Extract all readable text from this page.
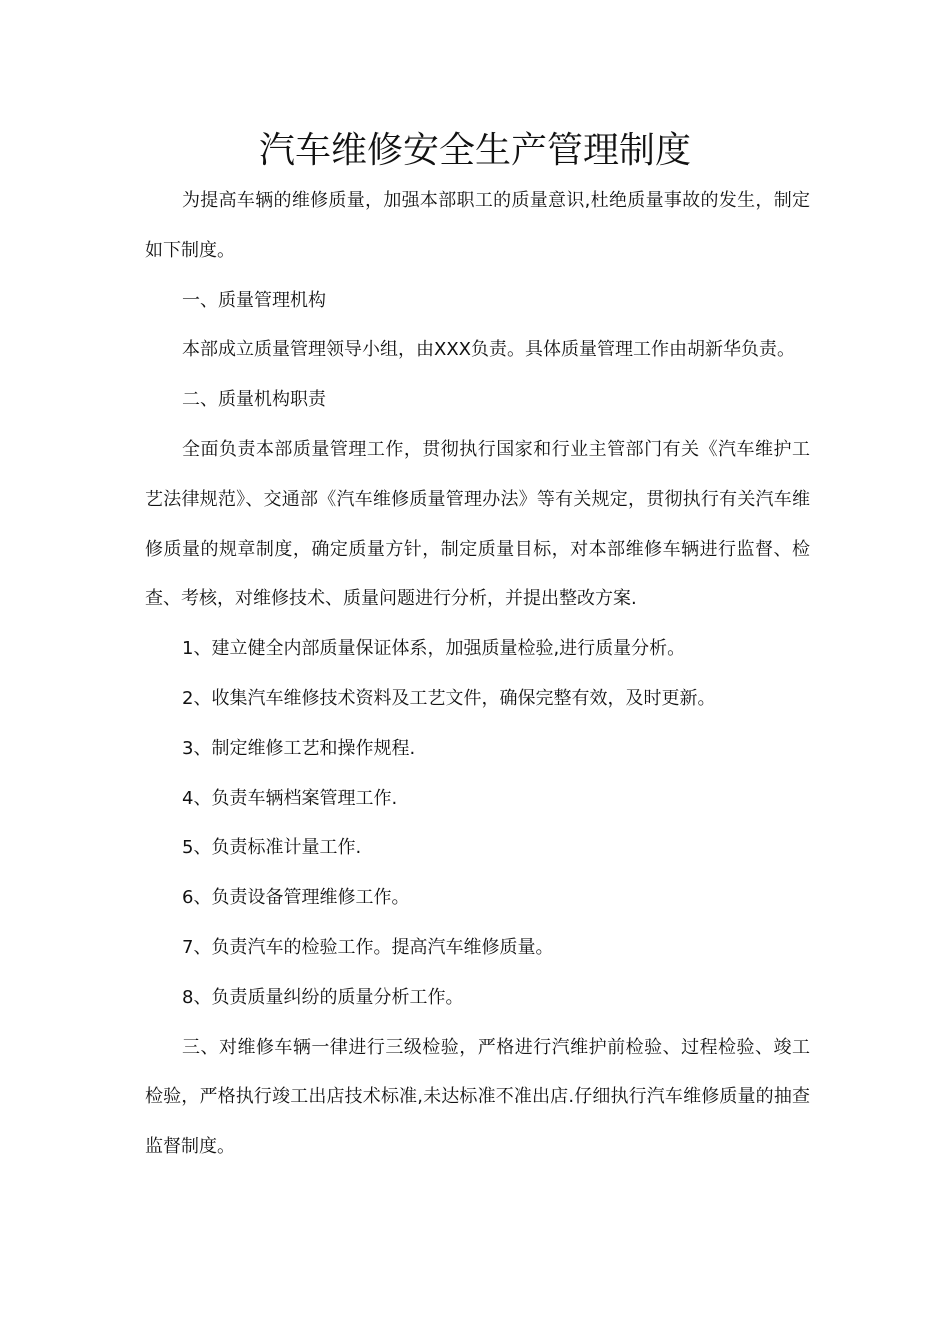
汽车维修安全生产管理制度

为提高车辆的维修质量，加强本部职工的质量意识,杜绝质量事故的发生，制定如下制度。

一、质量管理机构

本部成立质量管理领导小组，由XXX负责。具体质量管理工作由胡新华负责。

二、质量机构职责

全面负责本部质量管理工作，贯彻执行国家和行业主管部门有关《汽车维护工艺法律规范》、交通部《汽车维修质量管理办法》等有关规定，贯彻执行有关汽车维修质量的规章制度，确定质量方针，制定质量目标，对本部维修车辆进行监督、检查、考核，对维修技术、质量问题进行分析，并提出整改方案.

1、建立健全内部质量保证体系，加强质量检验,进行质量分析。

2、收集汽车维修技术资料及工艺文件，确保完整有效，及时更新。

3、制定维修工艺和操作规程.

4、负责车辆档案管理工作.

5、负责标准计量工作.

6、负责设备管理维修工作。

7、负责汽车的检验工作。提高汽车维修质量。

8、负责质量纠纷的质量分析工作。

三、对维修车辆一律进行三级检验，严格进行汽维护前检验、过程检验、竣工检验，严格执行竣工出店技术标准,未达标准不准出店.仔细执行汽车维修质量的抽查监督制度。
